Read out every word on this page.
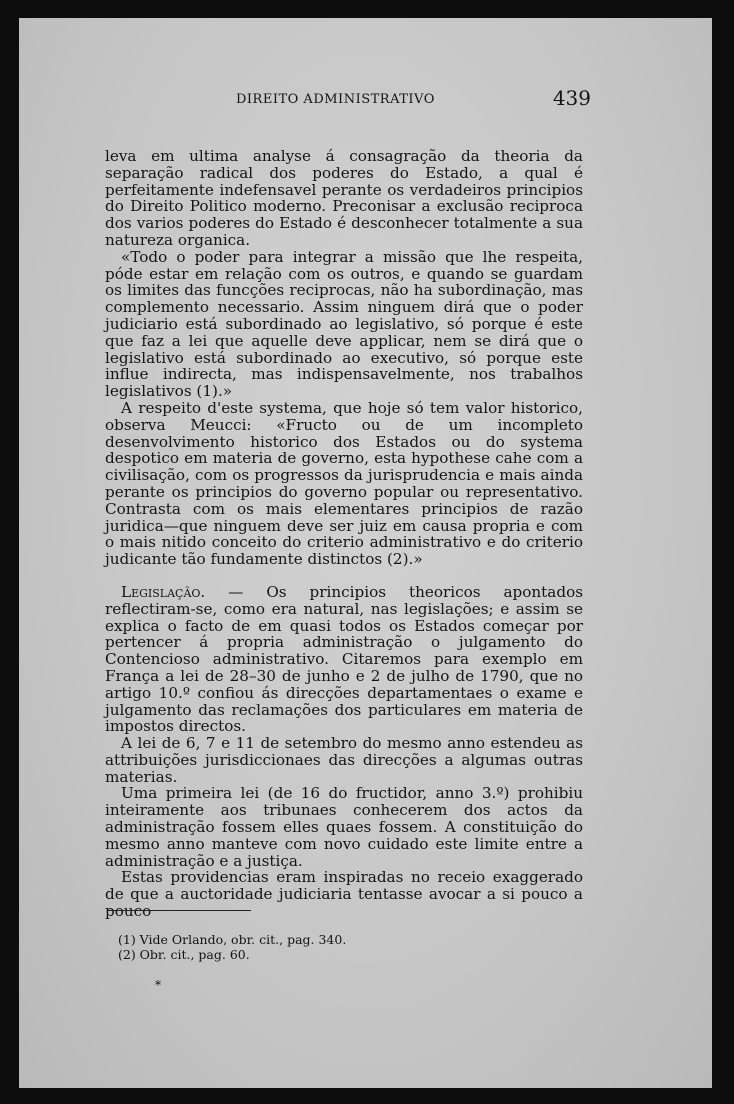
DIREITO ADMINISTRATIVO	439

leva em ultima analyse á consagração da theoria da separação radical dos poderes do Estado, a qual é perfeitamente indefensavel perante os verdadeiros principios do Direito Politico moderno. Preconisar a exclusão reciproca dos varios poderes do Estado é desconhecer totalmente a sua natureza organica.

«Todo o poder para integrar a missão que lhe respeita, póde estar em relação com os outros, e quando se guardam os limites das funcções reciprocas, não ha subordinação, mas complemento necessario. Assim ninguem dirá que o poder judiciario está subordinado ao legislativo, só porque é este que faz a lei que aquelle deve applicar, nem se dirá que o legislativo está subordinado ao executivo, só porque este influe indirecta, mas indispensavelmente, nos trabalhos legislativos (1).»

A respeito d'este systema, que hoje só tem valor historico, observa Meucci: «Fructo ou de um incompleto desenvolvimento historico dos Estados ou do systema despotico em materia de governo, esta hypothese cahe com a civilisação, com os progressos da jurisprudencia e mais ainda perante os principios do governo popular ou representativo. Contrasta com os mais elementares principios de razão juridica—que ninguem deve ser juiz em causa propria e com o mais nitido conceito do criterio administrativo e do criterio judicante tão fundamente distinctos (2).»

Legislação. — Os principios theoricos apontados reflectiram-se, como era natural, nas legislações; e assim se explica o facto de em quasi todos os Estados começar por pertencer á propria administração o julgamento do Contencioso administrativo. Citaremos para exemplo em França a lei de 28–30 de junho e 2 de julho de 1790, que no artigo 10.º confiou ás direcções departamentaes o exame e julgamento das reclamações dos particulares em materia de impostos directos.

A lei de 6, 7 e 11 de setembro do mesmo anno estendeu as attribuições jurisdiccionaes das direcções a algumas outras materias.

Uma primeira lei (de 16 do fructidor, anno 3.º) prohibiu inteiramente aos tribunaes conhecerem dos actos da administração fossem elles quaes fossem. A constituição do mesmo anno manteve com novo cuidado este limite entre a administração e a justiça.

Estas providencias eram inspiradas no receio exaggerado de que a auctoridade judiciaria tentasse avocar a si pouco a pouco

(1) Vide Orlando, obr. cit., pag. 340.
(2) Obr. cit., pag. 60.
*
